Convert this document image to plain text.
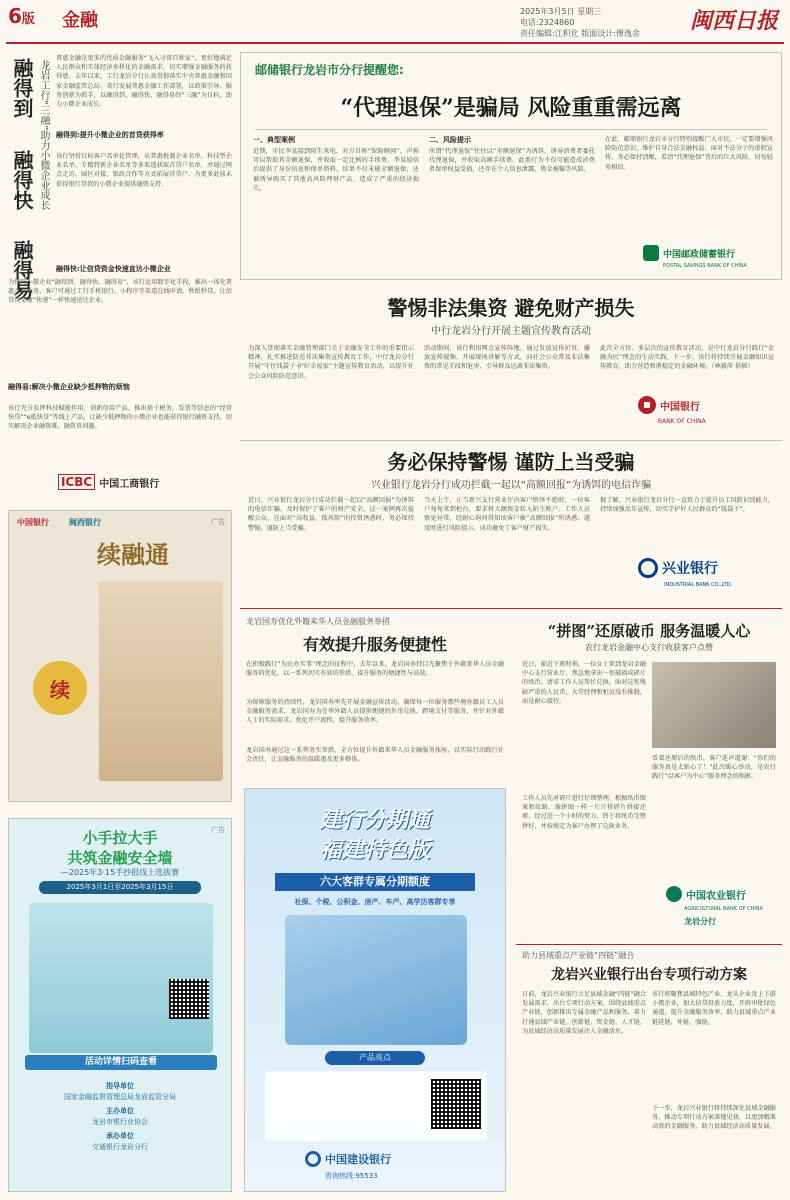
6版 金融	2025年3月5日 星期三
电话:2324860
责任编辑:江积化 版面设计:傅逸舍 闽西日报
融得到
融得快
融得易
龙岩工行“三融”助力小微企业成长
普惠金融是更多的优质金融服务“飞入寻常百姓家”，更好地满足人民群众和实体经济多样化的金融需求，切实增强金融服务的获得感。去年以来，工行龙岩分行认真贯彻落实中央普惠金融和国家金融监管总局、省行发展普惠金融工作部署，以政策引导、服务创新为抓手，以融得到、融得快、融得易的“三融”为目标，助力小微企业成长。
融得到:提升小微企业的首贷获得率
该行坚持目标客户名单化管理，从普惠税源企业名单、科技型企业名单、专精特新企业名单等多渠道获取首贷户名单，并通过网点走访、园区对接、银政合作等方式拓展首贷户，为更多此前未获得银行贷款的小微企业提供融资支持。
融得快:让信贷资金快速直达小微企业
为保障小微企业“融得到、融得快、融得易”，该行运用数字化手段，推出一体化普惠金融服务，客户可通过工行手机银行、小程序等渠道在线申请、秒批秒贷，让信贷资金像“快递”一样快速送达企业。
融得易:解决小微企业缺少抵押物的烦恼
该行充分发挥科技赋能作用，创新信用产品，推出基于税务、发票等信息的“经营快贷”“e抵快贷”等线上产品，让缺少抵押物的小微企业也能获得银行融资支持，切实解决企业融资难、融资贵问题。
ICBC 中国工商银行
中国银行	闽西银行	广告
续融通
续
小手拉大手
共筑金融安全墙
—2025年3·15手抄报线上选拔赛
2025年3月1日至2025年3月15日
活动详情扫码查看
指导单位
国家金融监督管理总局龙岩监管分局
主办单位
龙岩市银行业协会
承办单位
交通银行龙岩分行
广告
邮储银行龙岩市分行提醒您:
“代理退保”是骗局 风险重重需远离
一、典型案例
近期，市民李某接到陌生来电，对方自称“保险顾问”，声称可以帮助其全额退保，并收取一定比例的手续费。李某轻信后提供了身份信息和保单资料，结果不仅未能全额退保，还被诱导购买了其他高风险理财产品，造成了严重的经济损失。
二、风险提示
所谓“代理退保”往往以“全额退保”为诱饵，诱导消费者委托代理退保，并收取高额手续费。此类行为不仅可能造成消费者保单权益受损，还存在个人信息泄露、资金被骗等风险。
在此，邮储银行龙岩市分行特别提醒广大市民，一定要增强风险防范意识，维护自身合法金融权益。面对不法分子的虚假宣传，务必保持清醒，看清“代理退保”背后的巨大风险，切勿轻易相信。
中国邮政储蓄银行
POSTAL SAVINGS BANK OF CHINA
警惕非法集资 避免财产损失
中行龙岩分行开展主题宣传教育活动
为深入贯彻落实金融管理部门关于金融安全工作的重要指示精神，扎实推进防范非法集资宣传教育工作，中行龙岩分行开展“守住钱袋子·护好幸福家”主题宣传教育活动，以提升社会公众风险防范意识。
活动期间，该行利用网点宣传阵地，通过发放宣传折页、播放宣传视频、开展现场讲解等方式，向社会公众普及非法集资的常见手段和危害，引导群众远离非法集资。
此次全方位、多层次的宣传教育活动，是中行龙岩分行践行“金融为民”理念的生动实践。下一步，该行将持续开展金融知识宣传教育，助力营造和谐稳定的金融环境。（林毅萍 供稿）
中国银行
BANK OF CHINA
务必保持警惕 谨防上当受骗
兴业银行龙岩分行成功拦截一起以“高额回报”为诱饵的电信诈骗
近日，兴业银行龙岩分行成功拦截一起以“高额回报”为诱饵的电信诈骗，及时保护了客户的财产安全。这一案例再次提醒公众，在面对“高收益、低风险”的投资诱惑时，务必保持警惕，谨防上当受骗。
当天上午，正当新兴支行营业厅内客户络绎不绝时，一位客户匆匆来到柜台，要求将大额资金转入陌生账户。工作人员察觉异常，经耐心询问得知该客户被“高额回报”所诱惑，遂及时进行风险提示，成功避免了客户财产损失。
据了解，兴业银行龙岩分行一直致力于提升员工风险识别能力，持续加强反诈宣传，切实守护好人民群众的“钱袋子”。
兴业银行
INDUSTRIAL BANK CO.,LTD.
龙岩国寿优化外籍来华人员金融服务举措
有效提升服务便捷性
在积极践行“为民办实事”理念的征程中，去年以来，龙岩国寿持目光聚焦于外籍来华人员金融服务的优化，以一系列切实有效的举措，提升服务的便捷性与高效。
为保障服务的持续性，龙岩国寿率先开展金融宣传活动，确保每一位服务那些境外籍员工人员金融服务需求，龙岩国寿为在华外籍人员提供便捷的外币兑换、跨境支付等服务，并针对外籍人士的实际需求，优化开户流程，提升服务效率。
龙岩国寿通过这一系列务实举措，全方位提升外籍来华人员金融服务体验，以实际行动践行社会责任，让金融服务的温暖惠及更多群体。
建行分期通
福建特色版
六大客群专属分期额度
社保、个税、公积金、房产、车产、高学历客群专享
产品亮点
中国建设银行
咨询热线:95533
“拼图”还原破币 服务温暖人心
农行龙岩金融中心支行收获客户点赞
近日，临近下班时刻，一位女士来到龙岩金融中心支行营业厅，焦急地拿出一张破损成碎片的纸币，请求工作人员帮忙兑换。面对这张残缺严重的人民币，大堂经理和柜员没有推脱，而是耐心接待。
工作人员先对碎片进行仔细整理，根据纸币图案和纹路，像拼图一样一片片将碎片拼接还原，经过近一个小时的努力，终于将纸币完整拼好，并按规定为客户办理了兑换业务。
看着还原后的纸币，客户连声道谢：“你们的服务真是太贴心了！”此次暖心举动，是农行践行“以客户为中心”服务理念的缩影。
中国农业银行
AGRICULTURAL BANK OF CHINA
龙岩分行
助力县域重点产业链“四链”融合
龙岩兴业银行出台专项行动方案
日前，龙岩兴业银行立足县域金融“四链”融合发展需求，出台专项行动方案，围绕县域重点产业链，创新推出专属金融产品和服务，着力打通县域产业链、创新链、资金链、人才链，为县域经济高质量发展注入金融活水。
该行将聚焦县域特色产业、龙头企业及上下游小微企业，加大信贷投放力度，开辟审批绿色通道，提升金融服务效率，助力县域重点产业链延链、补链、强链。
下一步，龙岩兴业银行将持续深化县域金融服务，推动专项行动方案落地见效，以更加精准高效的金融服务，助力县域经济高质量发展。
